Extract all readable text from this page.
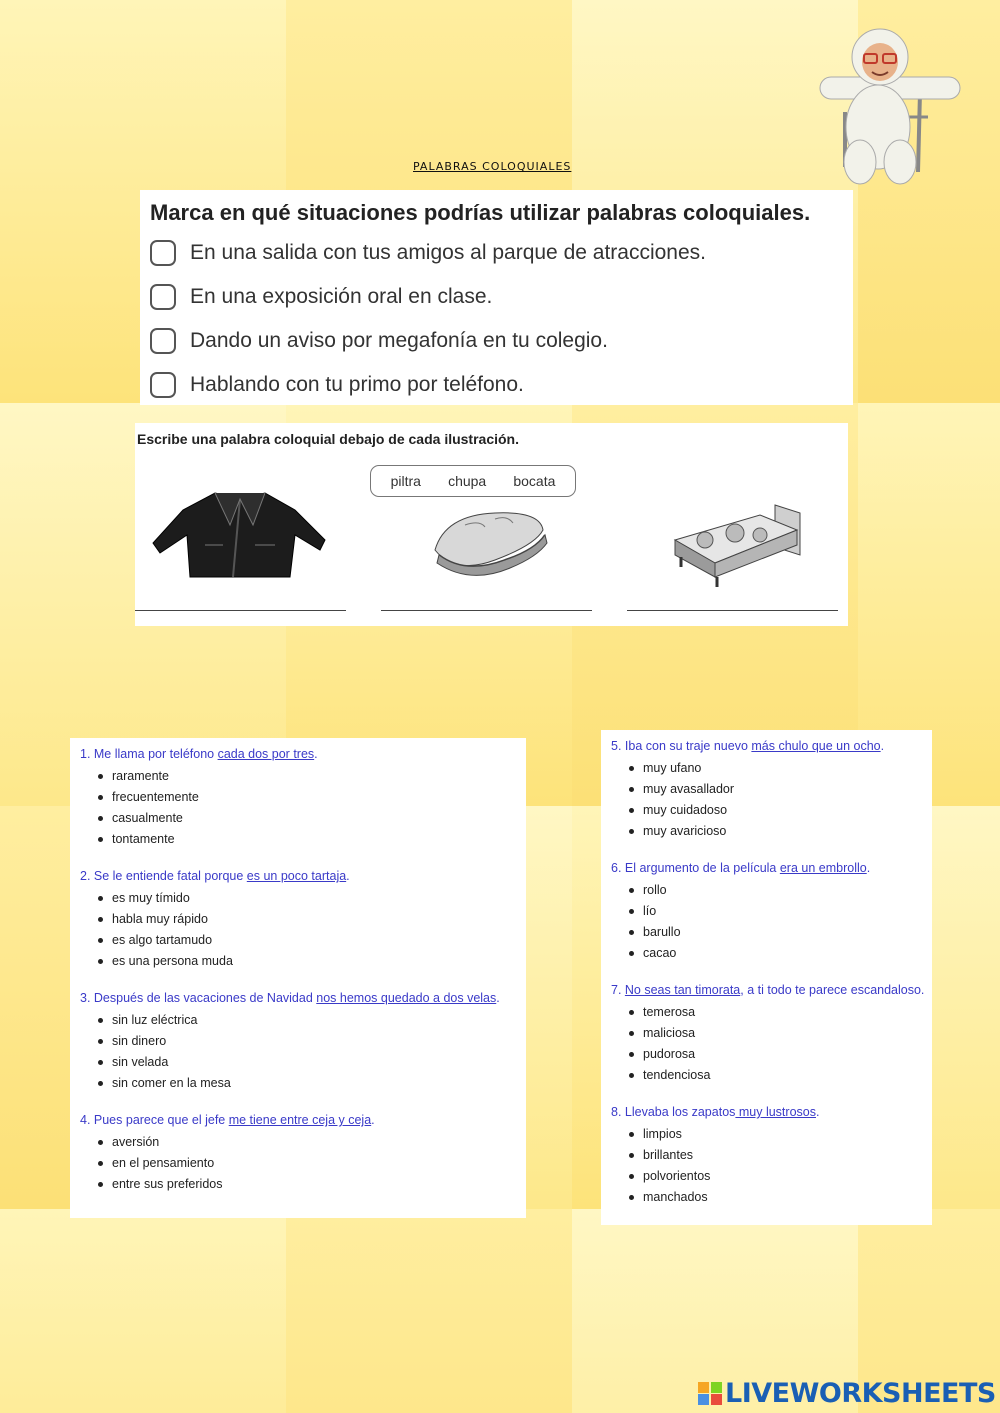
PALABRAS COLOQUIALES
Marca en qué situaciones podrías utilizar palabras coloquiales.
En una salida con tus amigos al parque de atracciones.
En una exposición oral en clase.
Dando un aviso por megafonía en tu colegio.
Hablando con tu primo por teléfono.
Escribe una palabra coloquial debajo de cada ilustración.
piltra chupa bocata
1. Me llama por teléfono cada dos por tres.
raramente
frecuentemente
casualmente
tontamente
2. Se le entiende fatal porque es un poco tartaja.
es muy tímido
habla muy rápido
es algo tartamudo
es una persona muda
3. Después de las vacaciones de Navidad nos hemos quedado a dos velas.
sin luz eléctrica
sin dinero
sin velada
sin comer en la mesa
4. Pues parece que el jefe me tiene entre ceja y ceja.
aversión
en el pensamiento
entre sus preferidos
5. Iba con su traje nuevo más chulo que un ocho.
muy ufano
muy avasallador
muy cuidadoso
muy avaricioso
6. El argumento de la película era un embrollo.
rollo
lío
barullo
cacao
7. No seas tan timorata, a ti todo te parece escandaloso.
temerosa
maliciosa
pudorosa
tendenciosa
8. Llevaba los zapatos muy lustrosos.
limpios
brillantes
polvorientos
manchados
LIVEWORKSHEETS
